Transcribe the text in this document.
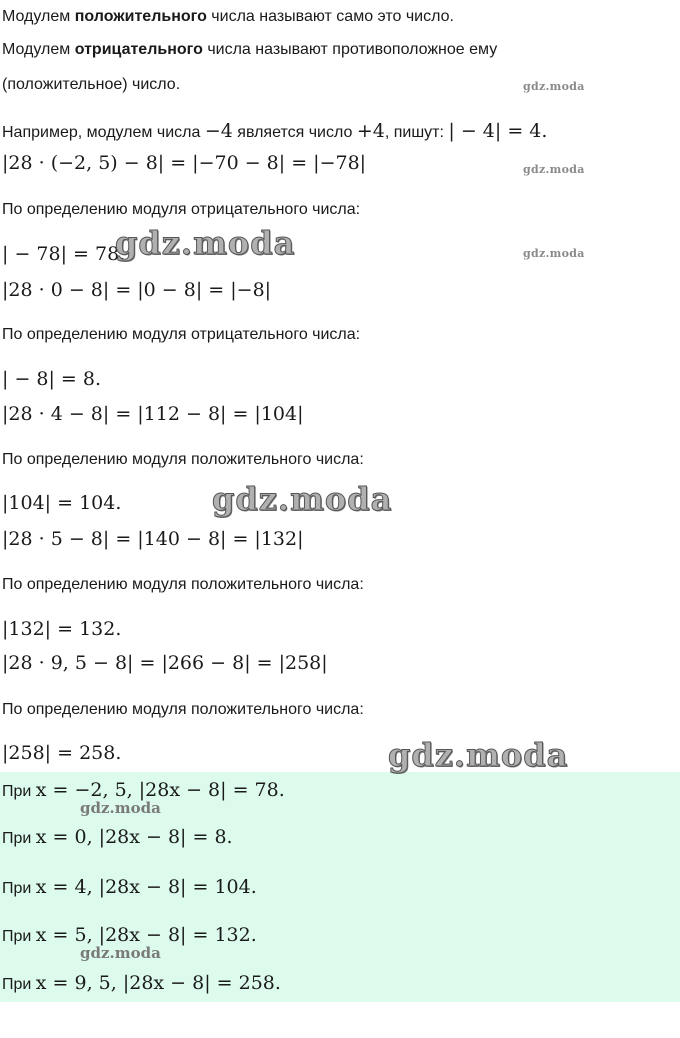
Модулем положительного числа называют само это число.
Модулем отрицательного числа называют противоположное ему
(положительное) число.
Например, модулем числа −4 является число +4, пишут: | − 4| = 4.
|28 · (−2, 5) − 8| = |−70 − 8| = |−78|
По определению модуля отрицательного числа:
| − 78| = 78.
|28 · 0 − 8| = |0 − 8| = |−8|
По определению модуля отрицательного числа:
| − 8| = 8.
|28 · 4 − 8| = |112 − 8| = |104|
По определению модуля положительного числа:
|104| = 104.
|28 · 5 − 8| = |140 − 8| = |132|
По определению модуля положительного числа:
|132| = 132.
|28 · 9, 5 − 8| = |266 − 8| = |258|
По определению модуля положительного числа:
|258| = 258.
При x = −2, 5, |28x − 8| = 78.
При x = 0, |28x − 8| = 8.
При x = 4, |28x − 8| = 104.
При x = 5, |28x − 8| = 132.
При x = 9, 5, |28x − 8| = 258.
gdz.moda
gdz.moda
gdz.moda
gdz.moda
gdz.moda
gdz.moda
gdz.moda
gdz.moda
